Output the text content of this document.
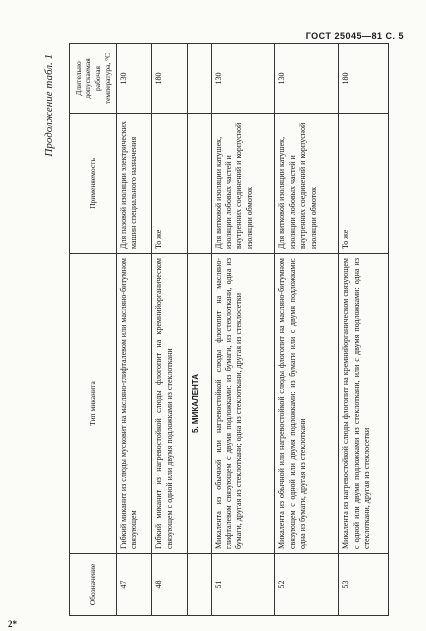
ГОСТ 25045—81 С. 5
Продолжение табл. 1
Обозначение	Тип миканита	Применяемость	Длительно допускаемая рабочая температура, °С
47	Гибкий миканит из слюды мусковит на масляно-глифталевом или масляно-битумном связующем	Для пазовой изоляции электрических машин специального назначения	130
48	Гибкий миканит из нагревостойкой слюды флогопит на кремнийорганическом связующем с одной или двумя подложками из стеклоткани	То же	180
	5. МИКАЛЕНТА		
51	Микалента из обычной или нагревостойкой слюды флогопит на масляно-глифталевом связующем с двумя подложками: из бумаги, из стеклоткани, одна из бумаги, другая из стеклоткани; одна из стеклоткани, другая из стеклосетки	Для витковой изоляции катушек, изоляции лобовых частей и внутренних соединений и корпусной изоляции обмоток	130
52	Микалента из обычной или нагревостойкой слюды флогопит на масляно-битумном связующем с одной или двумя подложками: из бумаги или с двумя подложками: одна из бумаги, другая из стеклоткани	Для витковой изоляции катушек, изоляции лобовых частей и внутренних соединений и корпусной изоляции обмоток	130
53	Микалента из нагревостойкой слюды флогопит на кремнийорганическом связующем с одной или двумя подложками из стеклоткани, или с двумя подложками: одна из стеклоткани, другая из стеклосетки	То же	180
2*
